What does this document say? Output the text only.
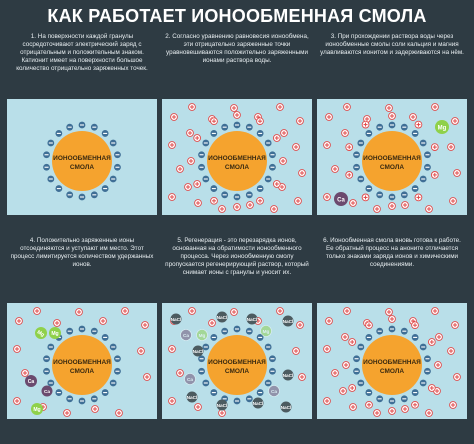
КАК РАБОТАЕТ ИОНООБМЕННАЯ СМОЛА
1. На поверхности каждой гранулы сосредоточивают электрический заряд с отрицательным и положительным знаком. Катионит имеет на поверхности большое количество отрицательно заряженных точек.
ИОНООБМЕННАЯ
СМОЛА
2. Согласно уравнению равновесия ионообмена, эти отрицательно заряженные точки уравновешиваются положительно заряженными ионами раствора воды.
ИОНООБМЕННАЯ
СМОЛА
3. При прохождении раствора воды через ионообменные смолы соли кальция и магния улавливаются ионитом и задерживаются на нём.
ИОНООБМЕННАЯ
СМОЛА
Mg
Ca
4. Положительно заряженные ионы отсоединяются и уступают им место. Этот процесс лимитируется количеством удержанных ионов.
ИОНООБМЕННАЯ
СМОЛА
Mg Mg
Ca
Ca
Mg
5. Регенерация - это перезарядка ионов, основанная на обратимости ионообменного процесса. Через ионообменную смолу пропускается регенерирующий раствор, который снимает ионы с гранулы и уносит их.
ИОНООБМЕННАЯ
СМОЛА
NaCl	NaCl	NaCl	NaCl
NaCl
NaCl
NaCl
NaCl	NaCl
NaCl
Ca Mg
Mg
Ca
Ca
6. Ионообменная смола вновь готова к работе. Ее обратный процесс на аноните отличается только знаками заряда ионов и химическими соединениями.
ИОНООБМЕННАЯ
СМОЛА
